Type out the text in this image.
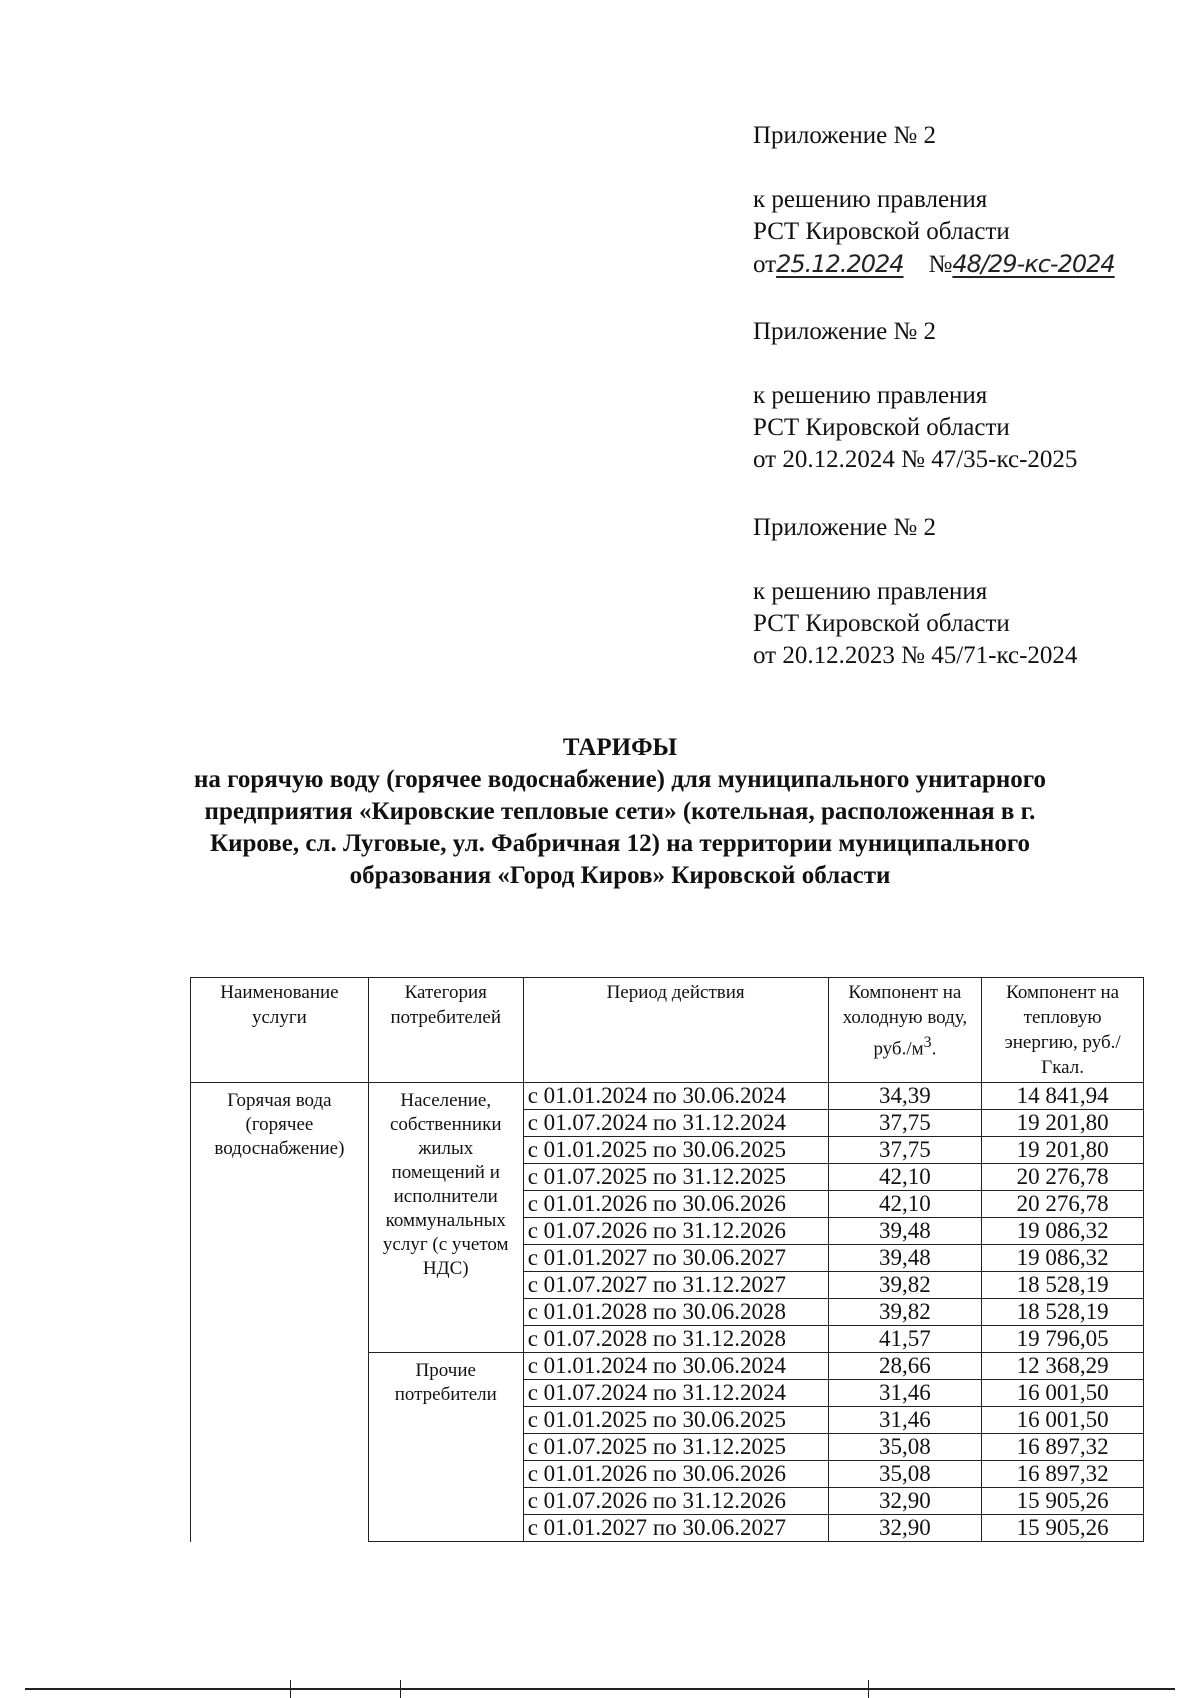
Приложение № 2
к решению правления
РСТ Кировской области
от25.12.2024 №48/29-кс-2024
Приложение № 2
к решению правления
РСТ Кировской области
от 20.12.2024 № 47/35-кс-2025
Приложение № 2
к решению правления
РСТ Кировской области
от 20.12.2023 № 45/71-кс-2024
ТАРИФЫ
на горячую воду (горячее водоснабжение) для муниципального унитарного предприятия «Кировские тепловые сети» (котельная, расположенная в г. Кирове, сл. Луговые, ул. Фабричная 12) на территории муниципального образования «Город Киров» Кировской области
Наименование услуги	Категория потребителей	Период действия	Компонент на холодную воду, $руб./м^3$.	Компонент на тепловую энергию, руб./Гкал.
Горячая вода (горячее водоснабжение)	Население, собственники жилых помещений и исполнители коммунальных услуг (с учетом НДС)	с 01.01.2024 по 30.06.2024	34,39	14 841,94
		с 01.07.2024 по 31.12.2024	37,75	19 201,80
		с 01.01.2025 по 30.06.2025	37,75	19 201,80
		с 01.07.2025 по 31.12.2025	42,10	20 276,78
		с 01.01.2026 по 30.06.2026	42,10	20 276,78
		с 01.07.2026 по 31.12.2026	39,48	19 086,32
		с 01.01.2027 по 30.06.2027	39,48	19 086,32
		с 01.07.2027 по 31.12.2027	39,82	18 528,19
		с 01.01.2028 по 30.06.2028	39,82	18 528,19
		с 01.07.2028 по 31.12.2028	41,57	19 796,05
	Прочие потребители	с 01.01.2024 по 30.06.2024	28,66	12 368,29
		с 01.07.2024 по 31.12.2024	31,46	16 001,50
		с 01.01.2025 по 30.06.2025	31,46	16 001,50
		с 01.07.2025 по 31.12.2025	35,08	16 897,32
		с 01.01.2026 по 30.06.2026	35,08	16 897,32
		с 01.07.2026 по 31.12.2026	32,90	15 905,26
		с 01.01.2027 по 30.06.2027	32,90	15 905,26
